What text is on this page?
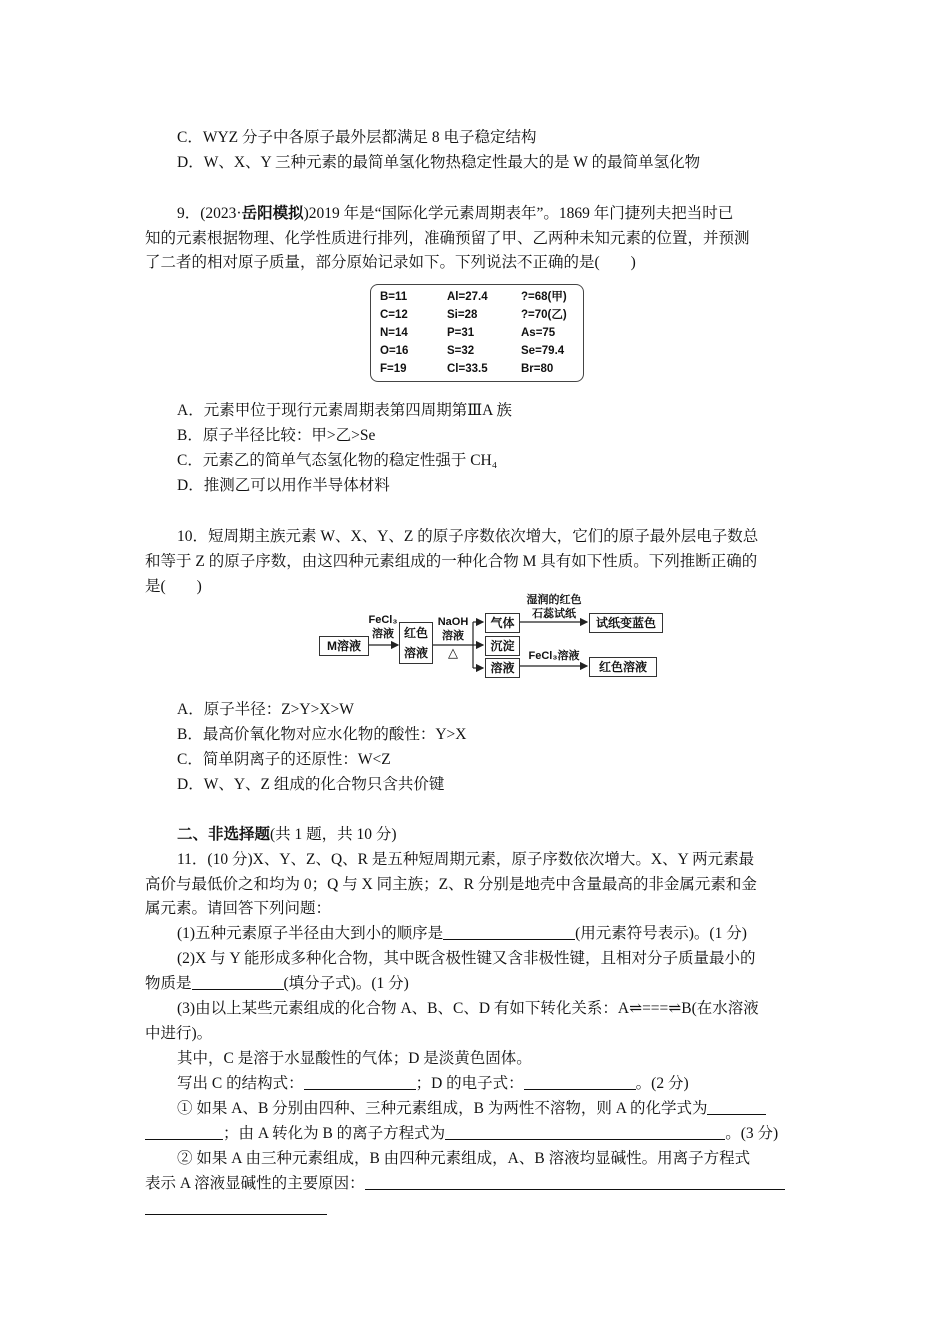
C．WYZ 分子中各原子最外层都满足 8 电子稳定结构
D．W、X、Y 三种元素的最简单氢化物热稳定性最大的是 W 的最简单氢化物
9．(2023·岳阳模拟)2019 年是“国际化学元素周期表年”。1869 年门捷列夫把当时已
知的元素根据物理、化学性质进行排列，准确预留了甲、乙两种未知元素的位置，并预测
了二者的相对原子质量，部分原始记录如下。下列说法不正确的是(　　)
B=11	Al=27.4	?=68(甲)
C=12	Si=28	?=70(乙)
N=14	P=31	As=75
O=16	S=32	Se=79.4
F=19	Cl=33.5	Br=80
A．元素甲位于现行元素周期表第四周期第ⅢA 族
B．原子半径比较：甲>乙>Se
C．元素乙的简单气态氢化物的稳定性强于 CH₄
D．推测乙可以用作半导体材料
10．短周期主族元素 W、X、Y、Z 的原子序数依次增大，它们的原子最外层电子数总
和等于 Z 的原子序数，由这四种元素组成的一种化合物 M 具有如下性质。下列推断正确的
是(　　)
M溶液
FeCl₃
溶液 红色
溶液
NaOH
溶液
△
气体
沉淀
溶液
湿润的红色
石蕊试纸
试纸变蓝色
FeCl₃溶液
红色溶液
A．原子半径：Z>Y>X>W
B．最高价氧化物对应水化物的酸性：Y>X
C．简单阴离子的还原性：W<Z
D．W、Y、Z 组成的化合物只含共价键
二、非选择题(共 1 题，共 10 分)
11．(10 分)X、Y、Z、Q、R 是五种短周期元素，原子序数依次增大。X、Y 两元素最
高价与最低价之和均为 0；Q 与 X 同主族；Z、R 分别是地壳中含量最高的非金属元素和金
属元素。请回答下列问题：
(1)五种元素原子半径由大到小的顺序是	(用元素符号表示)。(1 分)
(2)X 与 Y 能形成多种化合物，其中既含极性键又含非极性键，且相对分子质量最小的
物质是	(填分子式)。(1 分)
(3)由以上某些元素组成的化合物 A、B、C、D 有如下转化关系：A⇌===⇌B(在水溶液
中进行)。
其中，C 是溶于水显酸性的气体；D 是淡黄色固体。
写出 C 的结构式：	；D 的电子式：	。(2 分)
① 如果 A、B 分别由四种、三种元素组成，B 为两性不溶物，则 A 的化学式为
；由 A 转化为 B 的离子方程式为	。(3 分)
② 如果 A 由三种元素组成，B 由四种元素组成，A、B 溶液均显碱性。用离子方程式
表示 A 溶液显碱性的主要原因：
